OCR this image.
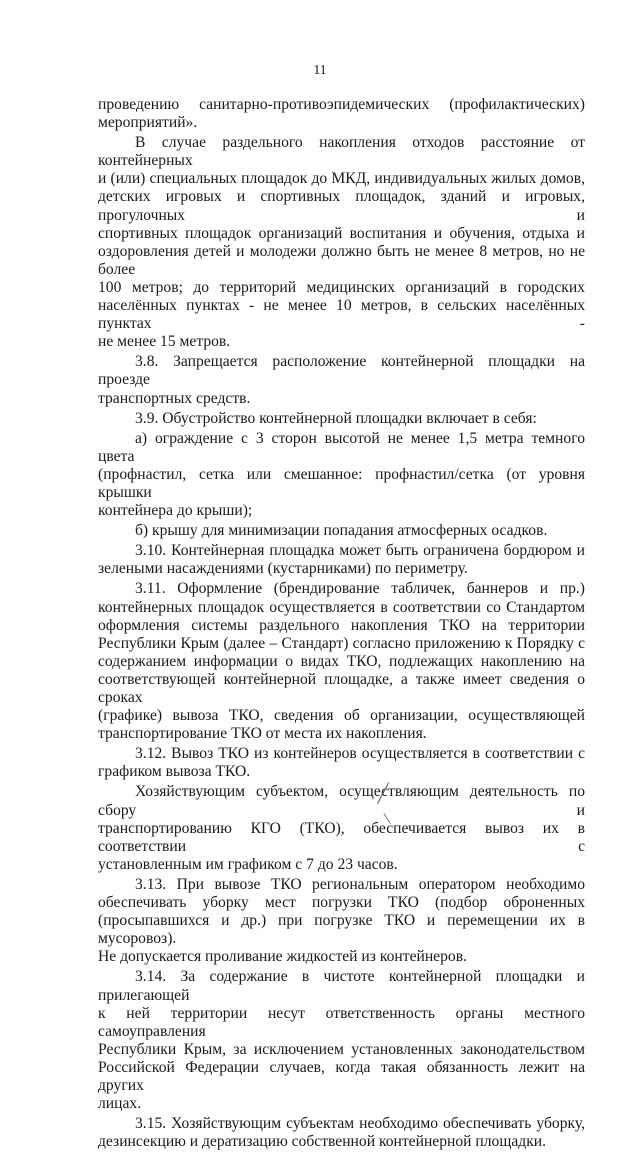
11
проведению санитарно-противоэпидемических (профилактических)
мероприятий».
В случае раздельного накопления отходов расстояние от контейнерных
и (или) специальных площадок до МКД, индивидуальных жилых домов,
детских игровых и спортивных площадок, зданий и игровых, прогулочных и
спортивных площадок организаций воспитания и обучения, отдыха и
оздоровления детей и молодежи должно быть не менее 8 метров, но не более
100 метров; до территорий медицинских организаций в городских
населённых пунктах - не менее 10 метров, в сельских населённых пунктах -
не менее 15 метров.
3.8. Запрещается расположение контейнерной площадки на проезде
транспортных средств.
3.9. Обустройство контейнерной площадки включает в себя:
а) ограждение с 3 сторон высотой не менее 1,5 метра темного цвета
(профнастил, сетка или смешанное: профнастил/сетка (от уровня крышки
контейнера до крыши);
б) крышу для минимизации попадания атмосферных осадков.
3.10. Контейнерная площадка может быть ограничена бордюром и
зелеными насаждениями (кустарниками) по периметру.
3.11. Оформление (брендирование табличек, баннеров и пр.)
контейнерных площадок осуществляется в соответствии со Стандартом
оформления системы раздельного накопления ТКО на территории
Республики Крым (далее – Стандарт) согласно приложению к Порядку с
содержанием информации о видах ТКО, подлежащих накоплению на
соответствующей контейнерной площадке, а также имеет сведения о сроках
(графике) вывоза ТКО, сведения об организации, осуществляющей
транспортирование ТКО от места их накопления.
3.12. Вывоз ТКО из контейнеров осуществляется в соответствии с
графиком вывоза ТКО.
Хозяйствующим субъектом, осуществляющим деятельность по сбору и
транспортированию КГО (ТКО), обеспечивается вывоз их в соответствии с
установленным им графиком с 7 до 23 часов.
3.13. При вывозе ТКО региональным оператором необходимо
обеспечивать уборку мест погрузки ТКО (подбор оброненных
(просыпавшихся и др.) при погрузке ТКО и перемещении их в мусоровоз).
Не допускается проливание жидкостей из контейнеров.
3.14. За содержание в чистоте контейнерной площадки и прилегающей
к ней территории несут ответственность органы местного самоуправления
Республики Крым, за исключением установленных законодательством
Российской Федерации случаев, когда такая обязанность лежит на других
лицах.
3.15. Хозяйствующим субъектам необходимо обеспечивать уборку,
дезинсекцию и дератизацию собственной контейнерной площадки.
